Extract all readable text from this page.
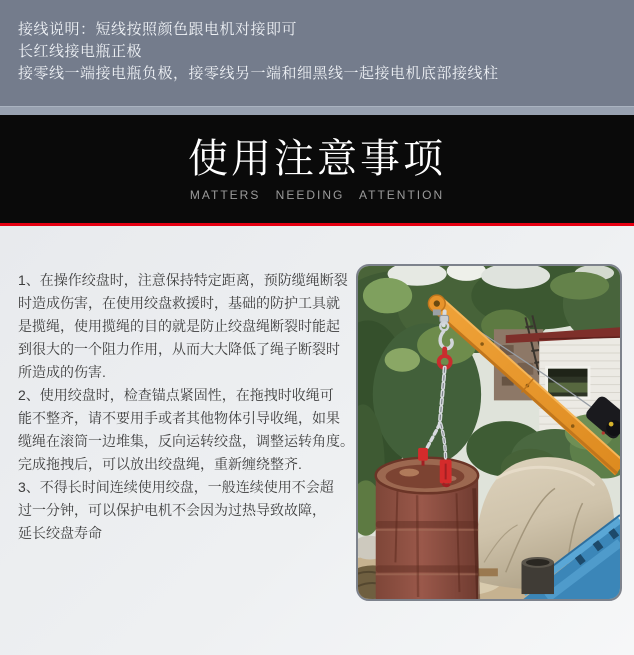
接线说明：短线按照颜色跟电机对接即可
长红线接电瓶正极
接零线一端接电瓶负极，接零线另一端和细黑线一起接电机底部接线柱
使用注意事项
MATTERS NEEDING ATTENTION
1、在操作绞盘时，注意保持特定距离，预防缆绳断裂
时造成伤害，在使用绞盘救援时，基础的防护工具就
是揽绳，使用揽绳的目的就是防止绞盘绳断裂时能起
到很大的一个阻力作用，从而大大降低了绳子断裂时
所造成的伤害.
2、使用绞盘时，检查锚点紧固性，在拖拽时收绳可
能不整齐，请不要用手或者其他物体引导收绳，如果
缆绳在滚筒一边堆集，反向运转绞盘，调整运转角度。
完成拖拽后，可以放出绞盘绳，重新缠绕整齐.
3、不得长时间连续使用绞盘，一般连续使用不会超
过一分钟，可以保护电机不会因为过热导致故障，
延长绞盘寿命
